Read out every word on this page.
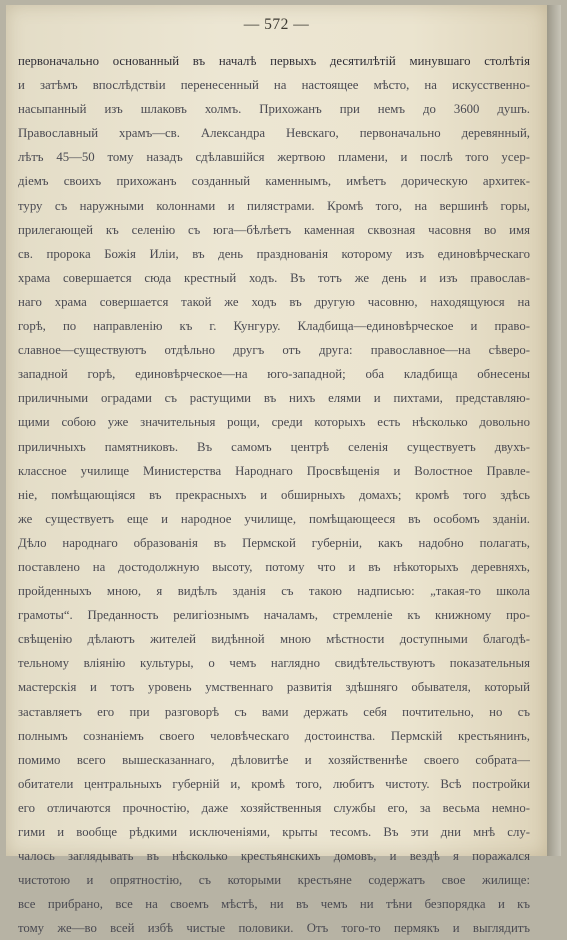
— 572 —
первоначально основанный въ началѣ первыхъ десятилѣтій минувшаго столѣтія
и затѣмъ впослѣдствіи перенесенный на настоящее мѣсто, на искусственно-
насыпанный изъ шлаковъ холмъ. Прихожанъ при немъ до 3600 душъ.
Православный храмъ—св. Александра Невскаго, первоначально деревянный,
лѣтъ 45—50 тому назадъ сдѣлавшійся жертвою пламени, и послѣ того усер-
діемъ своихъ прихожанъ созданный каменнымъ, имѣетъ дорическую архитек-
туру съ наружными колоннами и пилястрами. Кромѣ того, на вершинѣ горы,
прилегающей къ селенію съ юга—бѣлѣетъ каменная сквозная часовня во имя
св. пророка Божія Иліи, въ день празднованія которому изъ единовѣрческаго
храма совершается сюда крестный ходъ. Въ тотъ же день и изъ православ-
наго храма совершается такой же ходъ въ другую часовню, находящуюся на
горѣ, по направленію къ г. Кунгуру. Кладбища—единовѣрческое и право-
славное—существуютъ отдѣльно другъ отъ друга: православное—на сѣверо-
западной горѣ, единовѣрческое—на юго-западной; оба кладбища обнесены
приличными оградами съ растущими въ нихъ елями и пихтами, представляю-
щими собою уже значительныя рощи, среди которыхъ есть нѣсколько довольно
приличныхъ памятниковъ. Въ самомъ центрѣ селенія существуетъ двухъ-
классное училище Министерства Народнаго Просвѣщенія и Волостное Правле-
ніе, помѣщающіяся въ прекрасныхъ и обширныхъ домахъ; кромѣ того здѣсь
же существуетъ еще и народное училище, помѣщающееся въ особомъ зданіи.
Дѣло народнаго образованія въ Пермской губерніи, какъ надобно полагать,
поставлено на достодолжную высоту, потому что и въ нѣкоторыхъ деревняхъ,
пройденныхъ мною, я видѣлъ зданія съ такою надписью: „такая-то школа
грамоты“. Преданность религіознымъ началамъ, стремленіе къ книжному про-
свѣщенію дѣлаютъ жителей видѣнной мною мѣстности доступными благодѣ-
тельному вліянію культуры, о чемъ наглядно свидѣтельствуютъ показательныя
мастерскія и тотъ уровень умственнаго развитія здѣшняго обывателя, который
заставляетъ его при разговорѣ съ вами держать себя почтительно, но съ
полнымъ сознаніемъ своего человѣческаго достоинства. Пермскій крестьянинъ,
помимо всего вышесказаннаго, дѣловитѣе и хозяйственнѣе своего собрата—
обитатели центральныхъ губерній и, кромѣ того, любитъ чистоту. Всѣ постройки
его отличаются прочностію, даже хозяйственныя службы его, за весьма немно-
гими и вообще рѣдкими исключеніями, крыты тесомъ. Въ эти дни мнѣ слу-
чалось заглядывать въ нѣсколько крестьянскихъ домовъ, и вездѣ я поражался
чистотою и опрятностію, съ которыми крестьяне содержатъ свое жилище:
все прибрано, все на своемъ мѣстѣ, ни въ чемъ ни тѣни безпорядка и къ
тому же—во всей избѣ чистые половики. Отъ того-то пермякъ и выглядитъ
